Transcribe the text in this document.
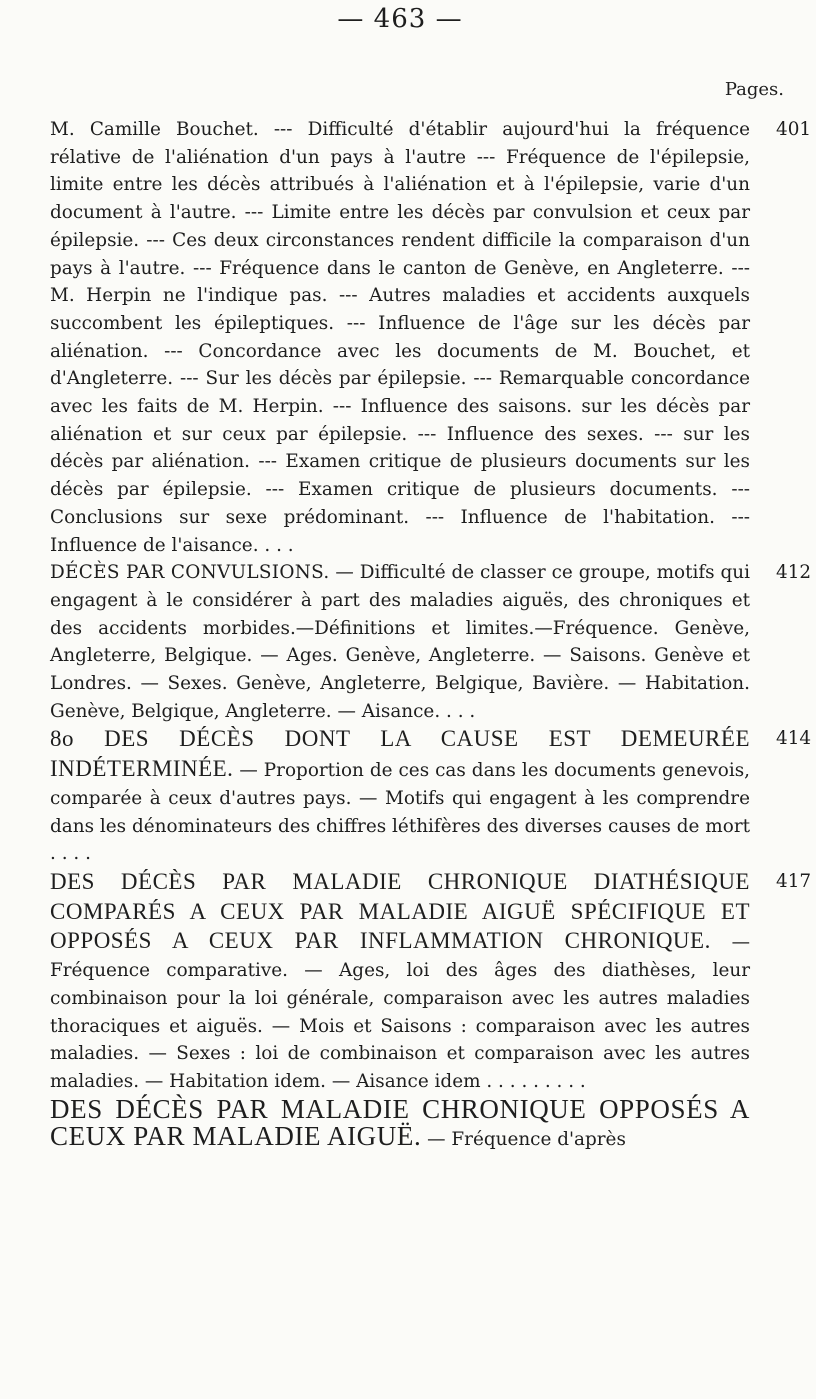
— 463 —
Pages.

401
M. Camille Bouchet. --- Difficulté d'établir aujourd'hui la fréquence rélative de l'aliénation d'un pays à l'autre --- Fréquence de l'épilepsie, limite entre les décès attribués à l'aliénation et à l'épilepsie, varie d'un document à l'autre. --- Limite entre les décès par convulsion et ceux par épilepsie. --- Ces deux circonstances rendent difficile la comparaison d'un pays à l'autre. --- Fréquence dans le canton de Genève, en Angleterre. --- M. Herpin ne l'indique pas. --- Autres maladies et accidents auxquels succombent les épileptiques. --- Influence de l'âge sur les décès par aliénation. --- Concordance avec les documents de M. Bouchet, et d'Angleterre. --- Sur les décès par épilepsie. --- Remarquable concordance avec les faits de M. Herpin. --- Influence des saisons. sur les décès par aliénation et sur ceux par épilepsie. --- Influence des sexes. --- sur les décès par aliénation. --- Examen critique de plusieurs documents sur les décès par épilepsie. --- Examen critique de plusieurs documents. --- Conclusions sur sexe prédominant. --- Influence de l'habitation. --- Influence de l'aisance. . . .

412
DÉCÈS PAR CONVULSIONS. — Difficulté de classer ce groupe, motifs qui engagent à le considérer à part des maladies aiguës, des chroniques et des accidents morbides.—Définitions et limites.—Fréquence. Genève, Angleterre, Belgique. — Ages. Genève, Angleterre. — Saisons. Genève et Londres. — Sexes. Genève, Angleterre, Belgique, Bavière. — Habitation. Genève, Belgique, Angleterre. — Aisance. . . .

414
8o DES DÉCÈS DONT LA CAUSE EST DEMEURÉE INDÉTERMINÉE. — Proportion de ces cas dans les documents genevois, comparée à ceux d'autres pays. — Motifs qui engagent à les comprendre dans les dénominateurs des chiffres léthifères des diverses causes de mort . . . .

417
DES DÉCÈS PAR MALADIE CHRONIQUE DIATHÉSIQUE COMPARÉS A CEUX PAR MALADIE AIGUË SPÉCIFIQUE ET OPPOSÉS A CEUX PAR INFLAMMATION CHRONIQUE. — Fréquence comparative. — Ages, loi des âges des diathèses, leur combinaison pour la loi générale, comparaison avec les autres maladies thoraciques et aiguës. — Mois et Saisons : comparaison avec les autres maladies. — Sexes : loi de combinaison et comparaison avec les autres maladies. — Habitation idem. — Aisance idem . . . . . . . . .

DES DÉCÈS PAR MALADIE CHRONIQUE OPPOSÉS A CEUX PAR MALADIE AIGUË. — Fréquence d'après
